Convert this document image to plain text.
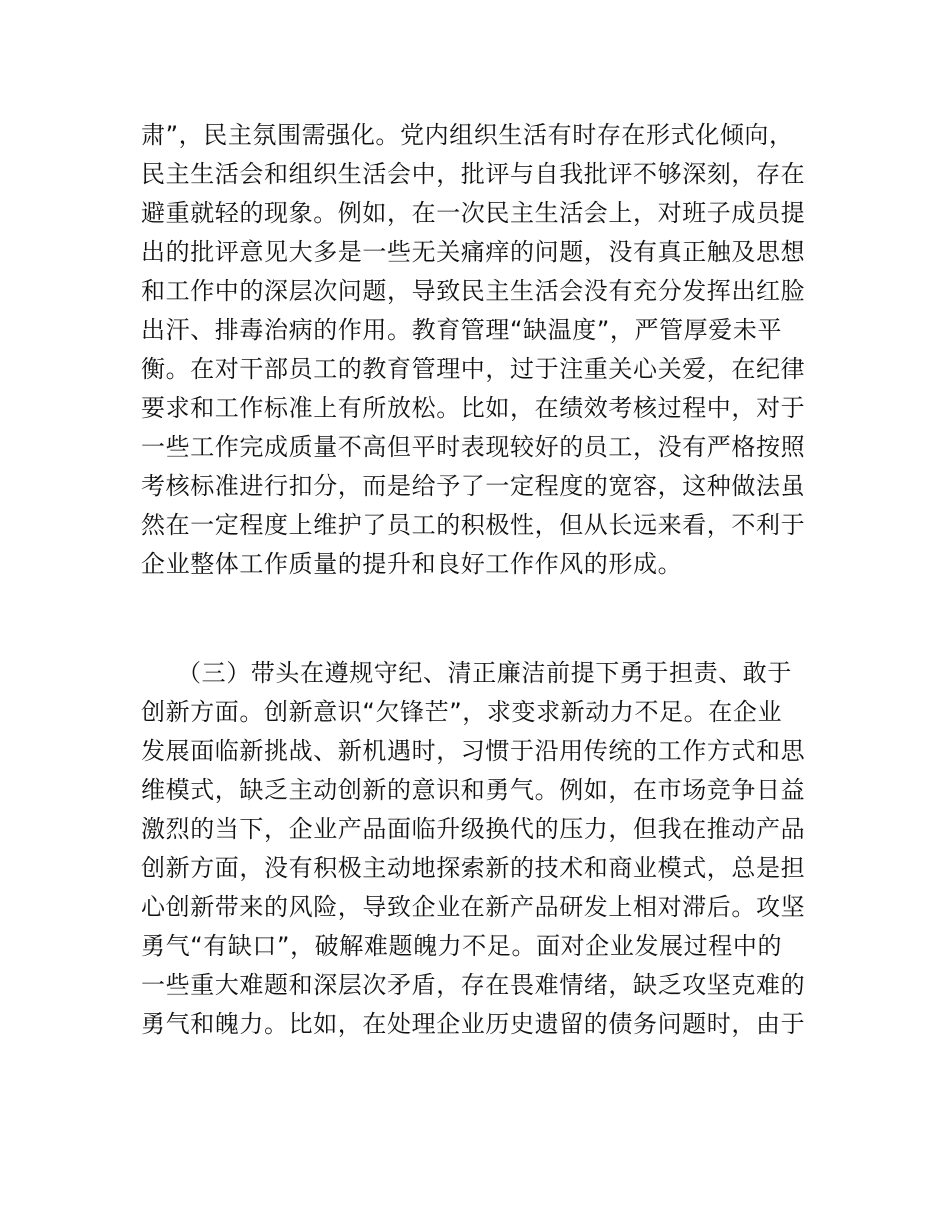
肃”，民主氛围需强化。党内组织生活有时存在形式化倾向，
民主生活会和组织生活会中，批评与自我批评不够深刻，存在
避重就轻的现象。例如，在一次民主生活会上，对班子成员提
出的批评意见大多是一些无关痛痒的问题，没有真正触及思想
和工作中的深层次问题，导致民主生活会没有充分发挥出红脸
出汗、排毒治病的作用。教育管理“缺温度”，严管厚爱未平
衡。在对干部员工的教育管理中，过于注重关心关爱，在纪律
要求和工作标准上有所放松。比如，在绩效考核过程中，对于
一些工作完成质量不高但平时表现较好的员工，没有严格按照
考核标准进行扣分，而是给予了一定程度的宽容，这种做法虽
然在一定程度上维护了员工的积极性，但从长远来看，不利于
企业整体工作质量的提升和良好工作作风的形成。
（三）带头在遵规守纪、清正廉洁前提下勇于担责、敢于
创新方面。创新意识“欠锋芒”，求变求新动力不足。在企业
发展面临新挑战、新机遇时，习惯于沿用传统的工作方式和思
维模式，缺乏主动创新的意识和勇气。例如，在市场竞争日益
激烈的当下，企业产品面临升级换代的压力，但我在推动产品
创新方面，没有积极主动地探索新的技术和商业模式，总是担
心创新带来的风险，导致企业在新产品研发上相对滞后。攻坚
勇气“有缺口”，破解难题魄力不足。面对企业发展过程中的
一些重大难题和深层次矛盾，存在畏难情绪，缺乏攻坚克难的
勇气和魄力。比如，在处理企业历史遗留的债务问题时，由于
